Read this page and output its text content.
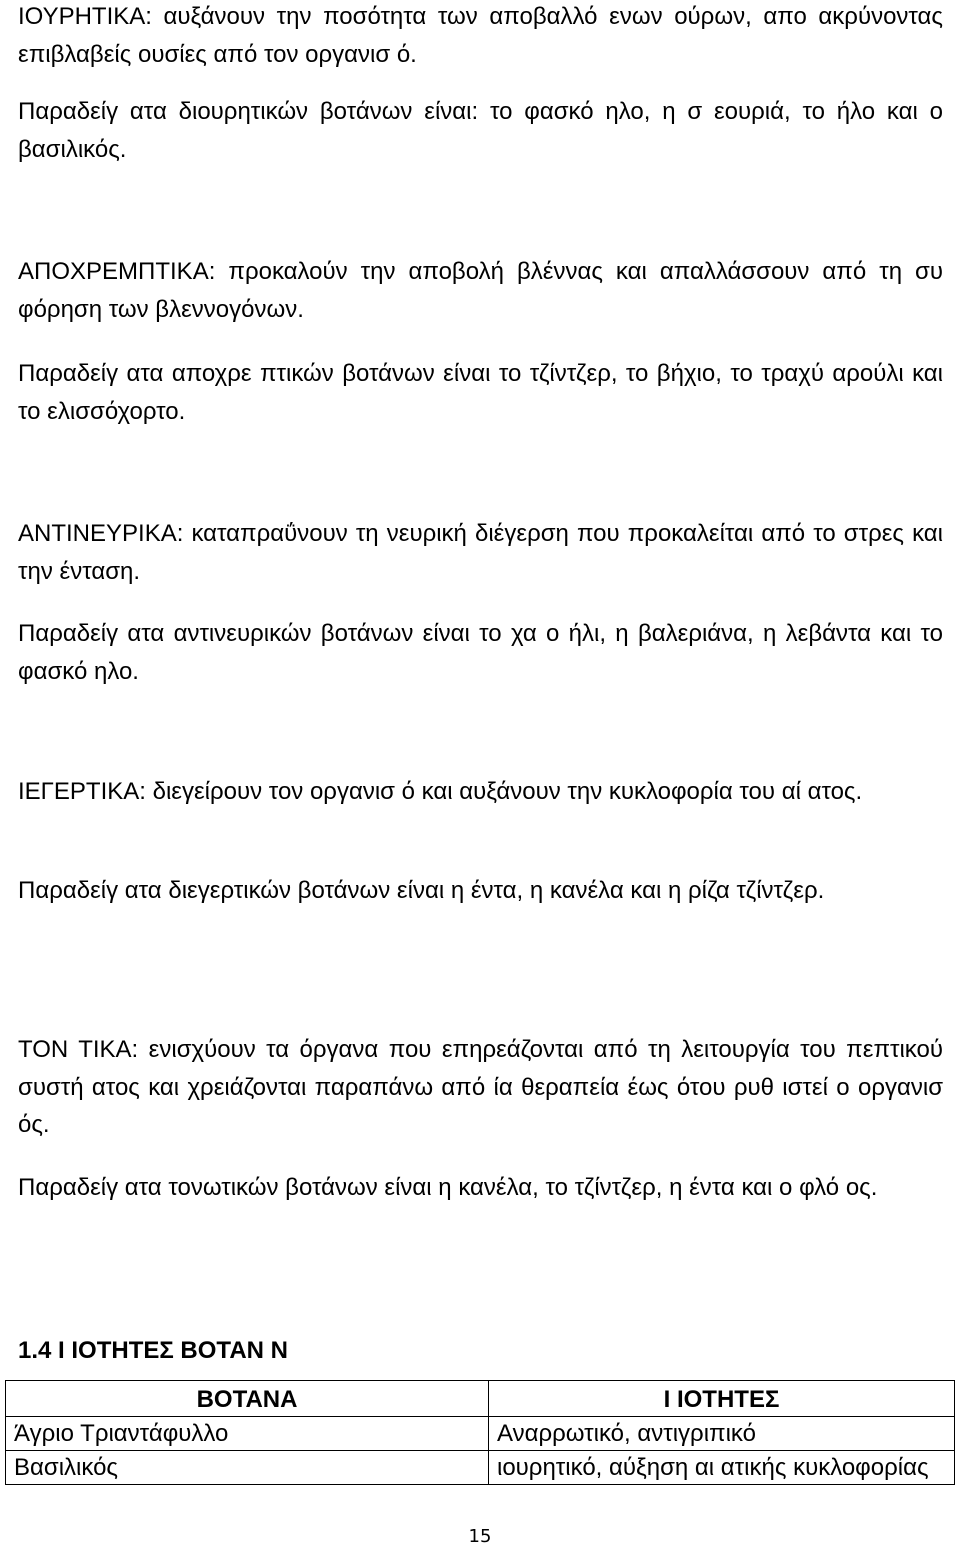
ΙΟΥΡΗΤΙΚΑ: αυξάνουν την ποσότητα των αποβαλλό ενων ούρων, απο ακρύνοντας επιβλαβείς ουσίες από τον οργανισ ό.

Παραδείγ ατα διουρητικών βοτάνων είναι: το φασκό ηλο, η σ εουριά, το ήλο και ο βασιλικός.

ΑΠΟΧΡΕΜΠΤΙΚΑ: προκαλούν την αποβολή βλέννας και απαλλάσσουν από τη συ φόρηση των βλεννογόνων.

Παραδείγ ατα αποχρε πτικών βοτάνων είναι το τζίντζερ, το βήχιο, το τραχύ αρούλι και το ελισσόχορτο.

ΑΝΤΙΝΕΥΡΙΚΑ: καταπραΰνουν τη νευρική διέγερση που προκαλείται από το στρες και την ένταση.

Παραδείγ ατα αντινευρικών βοτάνων είναι το χα ο ήλι, η βαλεριάνα, η λεβάντα και το φασκό ηλο.

ΙΕΓΕΡΤΙΚΑ: διεγείρουν τον οργανισ ό και αυξάνουν την κυκλοφορία του αί ατος.

Παραδείγ ατα διεγερτικών βοτάνων είναι η έντα, η κανέλα και η ρίζα τζίντζερ.

ΤΟΝ ΤΙΚΑ: ενισχύουν τα όργανα που επηρεάζονται από τη λειτουργία του πεπτικού συστή ατος και χρειάζονται παραπάνω από ία θεραπεία έως ότου ρυθ ιστεί ο οργανισ ός.

Παραδείγ ατα τονωτικών βοτάνων είναι η κανέλα, το τζίντζερ, η έντα και ο φλό ος.

1.4 Ι ΙΟΤΗΤΕΣ ΒΟΤΑΝ Ν
ΒΟΤΑΝΑ	Ι ΙΟΤΗΤΕΣ
Άγριο Τριαντάφυλλο	Αναρρωτικό, αντιγριπικό
Βασιλικός	ιουρητικό, αύξηση αι ατικής κυκλοφορίας
15
